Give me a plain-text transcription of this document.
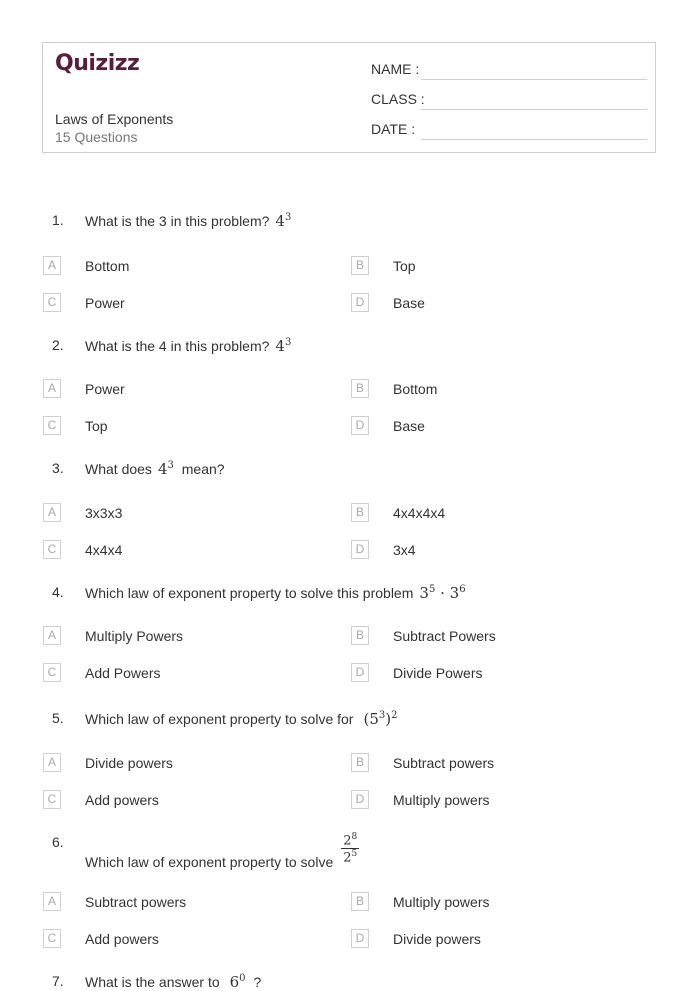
Quizizz
Laws of Exponents
15 Questions
NAME :
CLASS :
DATE :
1. What is the 3 in this problem? $4^3$
A	Bottom	B	Top
C	Power	D	Base
2. What is the 4 in this problem? $4^3$
A	Power	B	Bottom
C	Top	D	Base
3. What does $4^3$ mean?
A	3x3x3	B	4x4x4x4
C	4x4x4	D	3x4
4. Which law of exponent property to solve this problem $3^5 \cdot 3^6$
A	Multiply Powers	B	Subtract Powers
C	Add Powers	D	Divide Powers
5. Which law of exponent property to solve for $(5^3)^2$
A	Divide powers	B	Subtract powers
C	Add powers	D	Multiply powers
6.
Which law of exponent property to solve $\frac{2^8}{2^5}$
A	Subtract powers	B	Multiply powers
C	Add powers	D	Divide powers
7. What is the answer to $6^0$ ?
